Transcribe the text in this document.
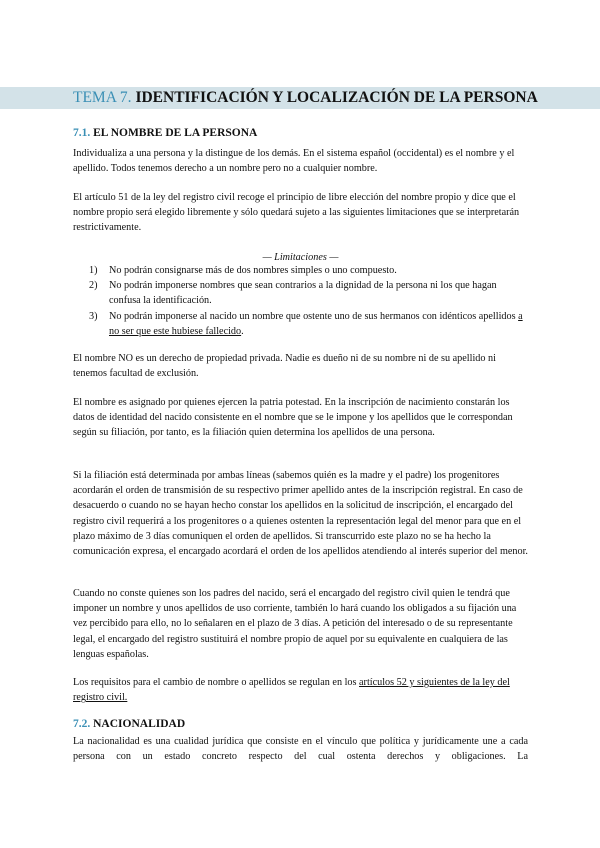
TEMA 7. IDENTIFICACIÓN Y LOCALIZACIÓN DE LA PERSONA
7.1. EL NOMBRE DE LA PERSONA

Individualiza a una persona y la distingue de los demás. En el sistema español (occidental) es el nombre y el apellido. Todos tenemos derecho a un nombre pero no a cualquier nombre.

El artículo 51 de la ley del registro civil recoge el principio de libre elección del nombre propio y dice que el nombre propio será elegido libremente y sólo quedará sujeto a las siguientes limitaciones que se interpretarán restrictivamente.

— Limitaciones —
1) No podrán consignarse más de dos nombres simples o uno compuesto.
2) No podrán imponerse nombres que sean contrarios a la dignidad de la persona ni los que hagan confusa la identificación.
3) No podrán imponerse al nacido un nombre que ostente uno de sus hermanos con idénticos apellidos a no ser que este hubiese fallecido.

El nombre NO es un derecho de propiedad privada. Nadie es dueño ni de su nombre ni de su apellido ni tenemos facultad de exclusión.

El nombre es asignado por quienes ejercen la patria potestad. En la inscripción de nacimiento constarán los datos de identidad del nacido consistente en el nombre que se le impone y los apellidos que le correspondan según su filiación, por tanto, es la filiación quien determina los apellidos de una persona.

Si la filiación está determinada por ambas líneas (sabemos quién es la madre y el padre) los progenitores acordarán el orden de transmisión de su respectivo primer apellido antes de la inscripción registral. En caso de desacuerdo o cuando no se hayan hecho constar los apellidos en la solicitud de inscripción, el encargado del registro civil requerirá a los progenitores o a quienes ostenten la representación legal del menor para que en el plazo máximo de 3 días comuniquen el orden de apellidos. Si transcurrido este plazo no se ha hecho la comunicación expresa, el encargado acordará el orden de los apellidos atendiendo al interés superior del menor.

Cuando no conste quienes son los padres del nacido, será el encargado del registro civil quien le tendrá que imponer un nombre y unos apellidos de uso corriente, también lo hará cuando los obligados a su fijación una vez percibido para ello, no lo señalaren en el plazo de 3 días. A petición del interesado o de su representante legal, el encargado del registro sustituirá el nombre propio de aquel por su equivalente en cualquiera de las lenguas españolas.

Los requisitos para el cambio de nombre o apellidos se regulan en los artículos 52 y siguientes de la ley del registro civil.

7.2. NACIONALIDAD

La nacionalidad es una cualidad jurídica que consiste en el vínculo que política y jurídicamente une a cada persona con un estado concreto respecto del cual ostenta derechos y obligaciones. La
